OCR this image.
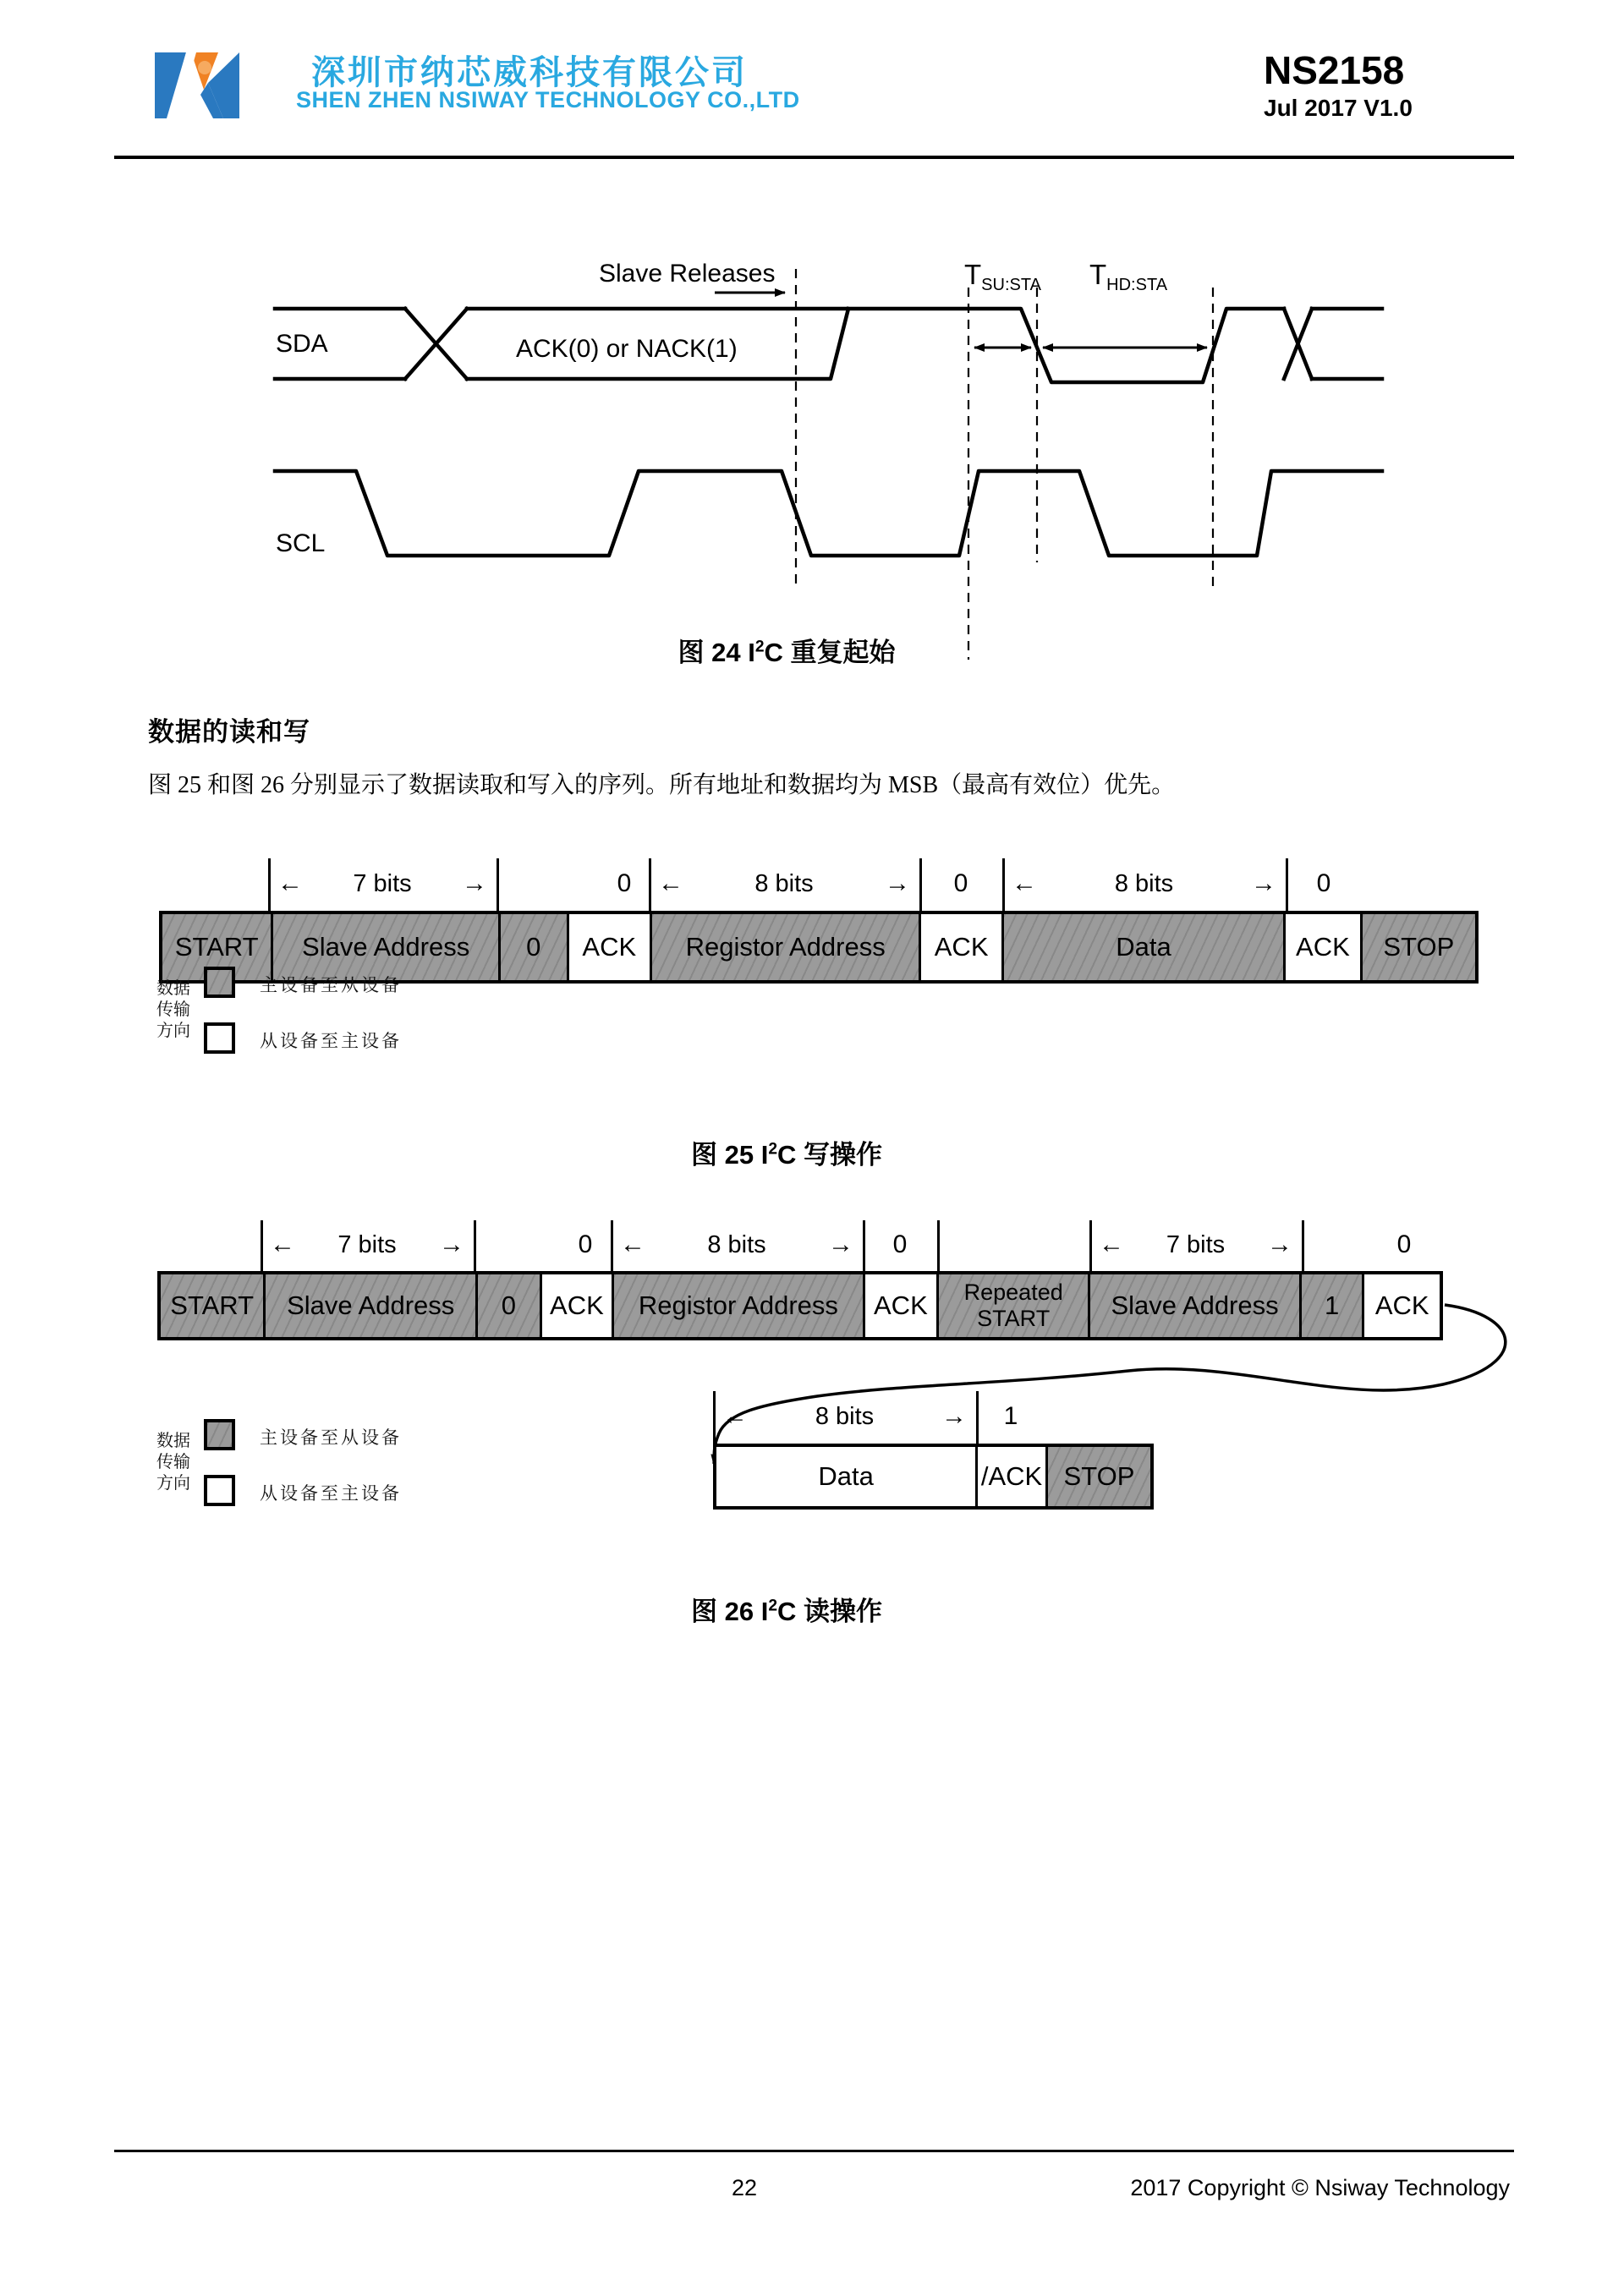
深圳市纳芯威科技有限公司
SHEN ZHEN NSIWAY TECHNOLOGY CO.,LTD
NS2158
Jul 2017 V1.0
SDA	ACK(0) or NACK(1)
Slave Releases	$T_{SU:STA}$ $T_{HD:STA}$
SCL
图 24 $I^2C$ 重复起始
数据的读和写
图 25 和图 26 分别显示了数据读取和写入的序列。所有地址和数据均为 MSB（最高有效位）优先。
← 7 bits →	0	←	8 bits	→	0	←	8 bits	→	0
START	Slave Address	0	ACK	Registor Address	ACK	Data	ACK	STOP
数据
传输
方向
主设备至从设备
从设备至主设备
图 25 $I^2C$ 写操作
← 7 bits →	0	←	8 bits →	0	← 7 bits →	0
START	Slave Address	0	ACK	Registor Address	ACK	Repeated START	Slave Address	1	ACK
←	8 bits	→	1
Data	/ACK STOP
数据
传输
方向
主设备至从设备
从设备至主设备
图 26 $I^2C$ 读操作
22	2017 Copyright © Nsiway Technology
